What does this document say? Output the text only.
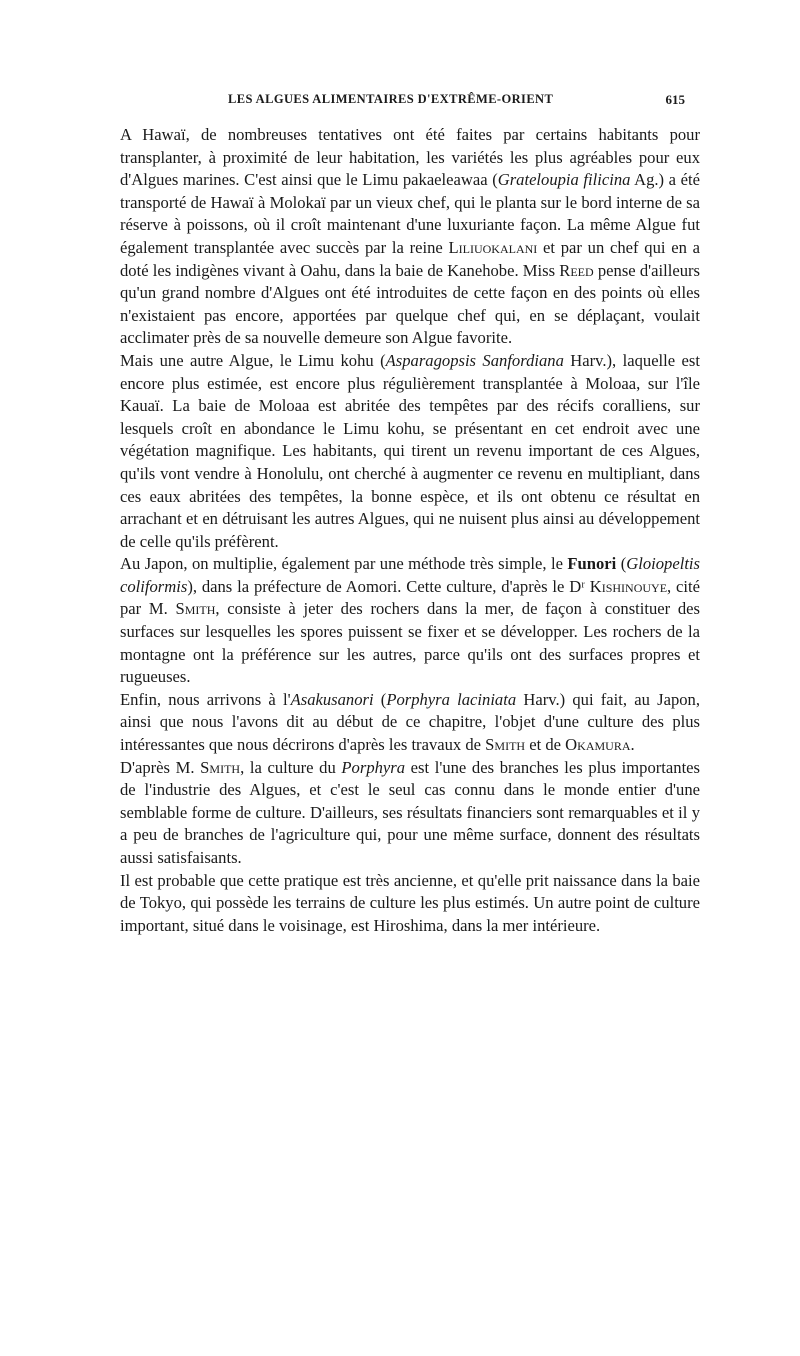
LES ALGUES ALIMENTAIRES D'EXTRÊME-ORIENT	615

A Hawaï, de nombreuses tentatives ont été faites par certains habitants pour transplanter, à proximité de leur habitation, les variétés les plus agréables pour eux d'Algues marines. C'est ainsi que le Limu pakaeleawaa (Grateloupia filicina Ag.) a été transporté de Hawaï à Molokaï par un vieux chef, qui le planta sur le bord interne de sa réserve à poissons, où il croît maintenant d'une luxuriante façon. La même Algue fut également transplantée avec succès par la reine Liliuokalani et par un chef qui en a doté les indigènes vivant à Oahu, dans la baie de Kanehobe. Miss Reed pense d'ailleurs qu'un grand nombre d'Algues ont été introduites de cette façon en des points où elles n'existaient pas encore, apportées par quelque chef qui, en se déplaçant, voulait acclimater près de sa nouvelle demeure son Algue favorite.

Mais une autre Algue, le Limu kohu (Asparagopsis Sanfordiana Harv.), laquelle est encore plus estimée, est encore plus régulièrement transplantée à Moloaa, sur l'île Kauaï. La baie de Moloaa est abritée des tempêtes par des récifs coralliens, sur lesquels croît en abondance le Limu kohu, se présentant en cet endroit avec une végétation magnifique. Les habitants, qui tirent un revenu important de ces Algues, qu'ils vont vendre à Honolulu, ont cherché à augmenter ce revenu en multipliant, dans ces eaux abritées des tempêtes, la bonne espèce, et ils ont obtenu ce résultat en arrachant et en détruisant les autres Algues, qui ne nuisent plus ainsi au développement de celle qu'ils préfèrent.

Au Japon, on multiplie, également par une méthode très simple, le Funori (Gloiopeltis coliformis), dans la préfecture de Aomori. Cette culture, d'après le Dʳ Kishinouye, cité par M. Smith, consiste à jeter des rochers dans la mer, de façon à constituer des surfaces sur lesquelles les spores puissent se fixer et se développer. Les rochers de la montagne ont la préférence sur les autres, parce qu'ils ont des surfaces propres et rugueuses.

Enfin, nous arrivons à l'Asakusanori (Porphyra laciniata Harv.) qui fait, au Japon, ainsi que nous l'avons dit au début de ce chapitre, l'objet d'une culture des plus intéressantes que nous décrirons d'après les travaux de Smith et de Okamura.

D'après M. Smith, la culture du Porphyra est l'une des branches les plus importantes de l'industrie des Algues, et c'est le seul cas connu dans le monde entier d'une semblable forme de culture. D'ailleurs, ses résultats financiers sont remarquables et il y a peu de branches de l'agriculture qui, pour une même surface, donnent des résultats aussi satisfaisants.

Il est probable que cette pratique est très ancienne, et qu'elle prit naissance dans la baie de Tokyo, qui possède les terrains de culture les plus estimés. Un autre point de culture important, situé dans le voisinage, est Hiroshima, dans la mer intérieure.
